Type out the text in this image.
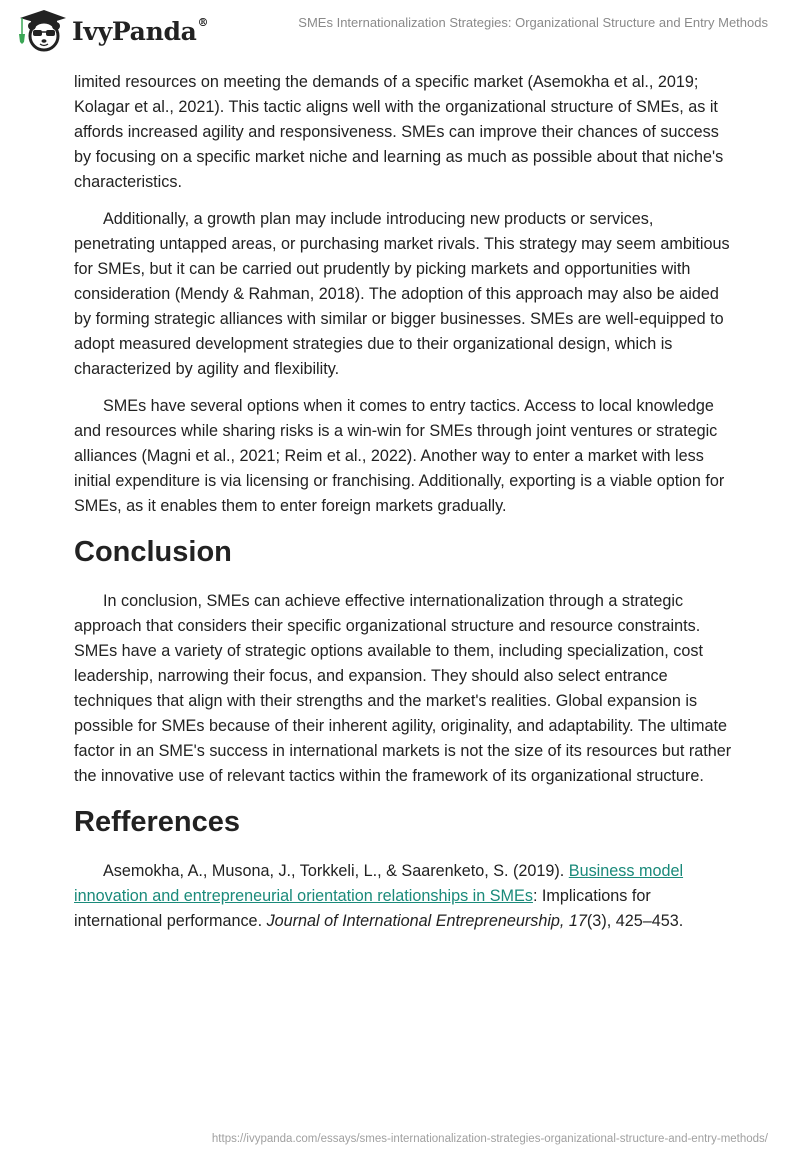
IvyPanda®	SMEs Internationalization Strategies: Organizational Structure and Entry Methods

limited resources on meeting the demands of a specific market (Asemokha et al., 2019; Kolagar et al., 2021). This tactic aligns well with the organizational structure of SMEs, as it affords increased agility and responsiveness. SMEs can improve their chances of success by focusing on a specific market niche and learning as much as possible about that niche's characteristics.

Additionally, a growth plan may include introducing new products or services, penetrating untapped areas, or purchasing market rivals. This strategy may seem ambitious for SMEs, but it can be carried out prudently by picking markets and opportunities with consideration (Mendy & Rahman, 2018). The adoption of this approach may also be aided by forming strategic alliances with similar or bigger businesses. SMEs are well-equipped to adopt measured development strategies due to their organizational design, which is characterized by agility and flexibility.

SMEs have several options when it comes to entry tactics. Access to local knowledge and resources while sharing risks is a win-win for SMEs through joint ventures or strategic alliances (Magni et al., 2021; Reim et al., 2022). Another way to enter a market with less initial expenditure is via licensing or franchising. Additionally, exporting is a viable option for SMEs, as it enables them to enter foreign markets gradually.

Conclusion

In conclusion, SMEs can achieve effective internationalization through a strategic approach that considers their specific organizational structure and resource constraints. SMEs have a variety of strategic options available to them, including specialization, cost leadership, narrowing their focus, and expansion. They should also select entrance techniques that align with their strengths and the market's realities. Global expansion is possible for SMEs because of their inherent agility, originality, and adaptability. The ultimate factor in an SME's success in international markets is not the size of its resources but rather the innovative use of relevant tactics within the framework of its organizational structure.

Refferences

Asemokha, A., Musona, J., Torkkeli, L., & Saarenketo, S. (2019). Business model innovation and entrepreneurial orientation relationships in SMEs: Implications for international performance. Journal of International Entrepreneurship, 17(3), 425–453.

https://ivypanda.com/essays/smes-internationalization-strategies-organizational-structure-and-entry-methods/
